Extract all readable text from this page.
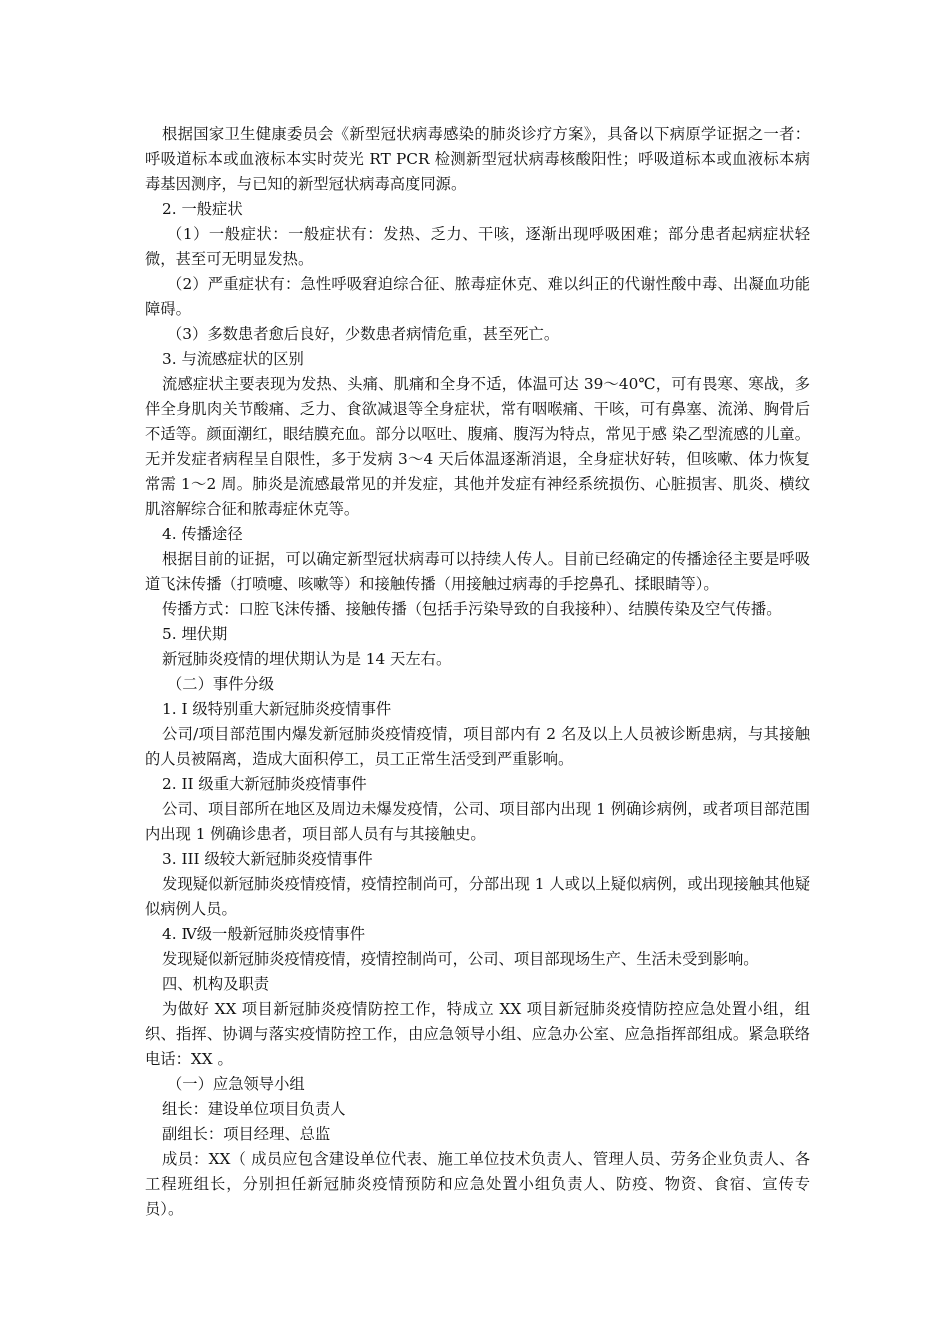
根据国家卫生健康委员会《新型冠状病毒感染的肺炎诊疗方案》，具备以下病原学证据之一者：呼吸道标本或血液标本实时荧光 RT PCR 检测新型冠状病毒核酸阳性；呼吸道标本或血液标本病毒基因测序，与已知的新型冠状病毒高度同源。

2. 一般症状

（1）一般症状：一般症状有：发热、乏力、干咳，逐渐出现呼吸困难；部分患者起病症状轻微，甚至可无明显发热。

（2）严重症状有：急性呼吸窘迫综合征、脓毒症休克、难以纠正的代谢性酸中毒、出凝血功能障碍。

（3）多数患者愈后良好，少数患者病情危重，甚至死亡。

3. 与流感症状的区别

流感症状主要表现为发热、头痛、肌痛和全身不适，体温可达 39～40℃，可有畏寒、寒战，多伴全身肌肉关节酸痛、乏力、食欲减退等全身症状，常有咽喉痛、干咳，可有鼻塞、流涕、胸骨后不适等。颜面潮红，眼结膜充血。部分以呕吐、腹痛、腹泻为特点，常见于感 染乙型流感的儿童。无并发症者病程呈自限性，多于发病 3～4 天后体温逐渐消退，全身症状好转，但咳嗽、体力恢复常需 1～2 周。肺炎是流感最常见的并发症，其他并发症有神经系统损伤、心脏损害、肌炎、横纹肌溶解综合征和脓毒症休克等。

4. 传播途径

根据目前的证据，可以确定新型冠状病毒可以持续人传人。目前已经确定的传播途径主要是呼吸道飞沫传播（打喷嚏、咳嗽等）和接触传播（用接触过病毒的手挖鼻孔、揉眼睛等）。

传播方式：口腔飞沫传播、接触传播（包括手污染导致的自我接种）、结膜传染及空气传播。

5. 埋伏期

新冠肺炎疫情的埋伏期认为是 14 天左右。

（二）事件分级

1. I 级特别重大新冠肺炎疫情事件

公司/项目部范围内爆发新冠肺炎疫情疫情，项目部内有 2 名及以上人员被诊断患病，与其接触的人员被隔离，造成大面积停工，员工正常生活受到严重影响。

2. II 级重大新冠肺炎疫情事件

公司、项目部所在地区及周边未爆发疫情，公司、项目部内出现 1 例确诊病例，或者项目部范围内出现 1 例确诊患者，项目部人员有与其接触史。

3. III 级较大新冠肺炎疫情事件

发现疑似新冠肺炎疫情疫情，疫情控制尚可，分部出现 1 人或以上疑似病例，或出现接触其他疑似病例人员。

4. Ⅳ级一般新冠肺炎疫情事件

发现疑似新冠肺炎疫情疫情，疫情控制尚可，公司、项目部现场生产、生活未受到影响。

四、机构及职责

为做好 XX 项目新冠肺炎疫情防控工作，特成立 XX 项目新冠肺炎疫情防控应急处置小组，组织、指挥、协调与落实疫情防控工作，由应急领导小组、应急办公室、应急指挥部组成。紧急联络电话：XX 。

（一）应急领导小组

组长：建设单位项目负责人

副组长：项目经理、总监

成员：XX（ 成员应包含建设单位代表、施工单位技术负责人、管理人员、劳务企业负责人、各工程班组长，分别担任新冠肺炎疫情预防和应急处置小组负责人、防疫、物资、食宿、宣传专员）。
